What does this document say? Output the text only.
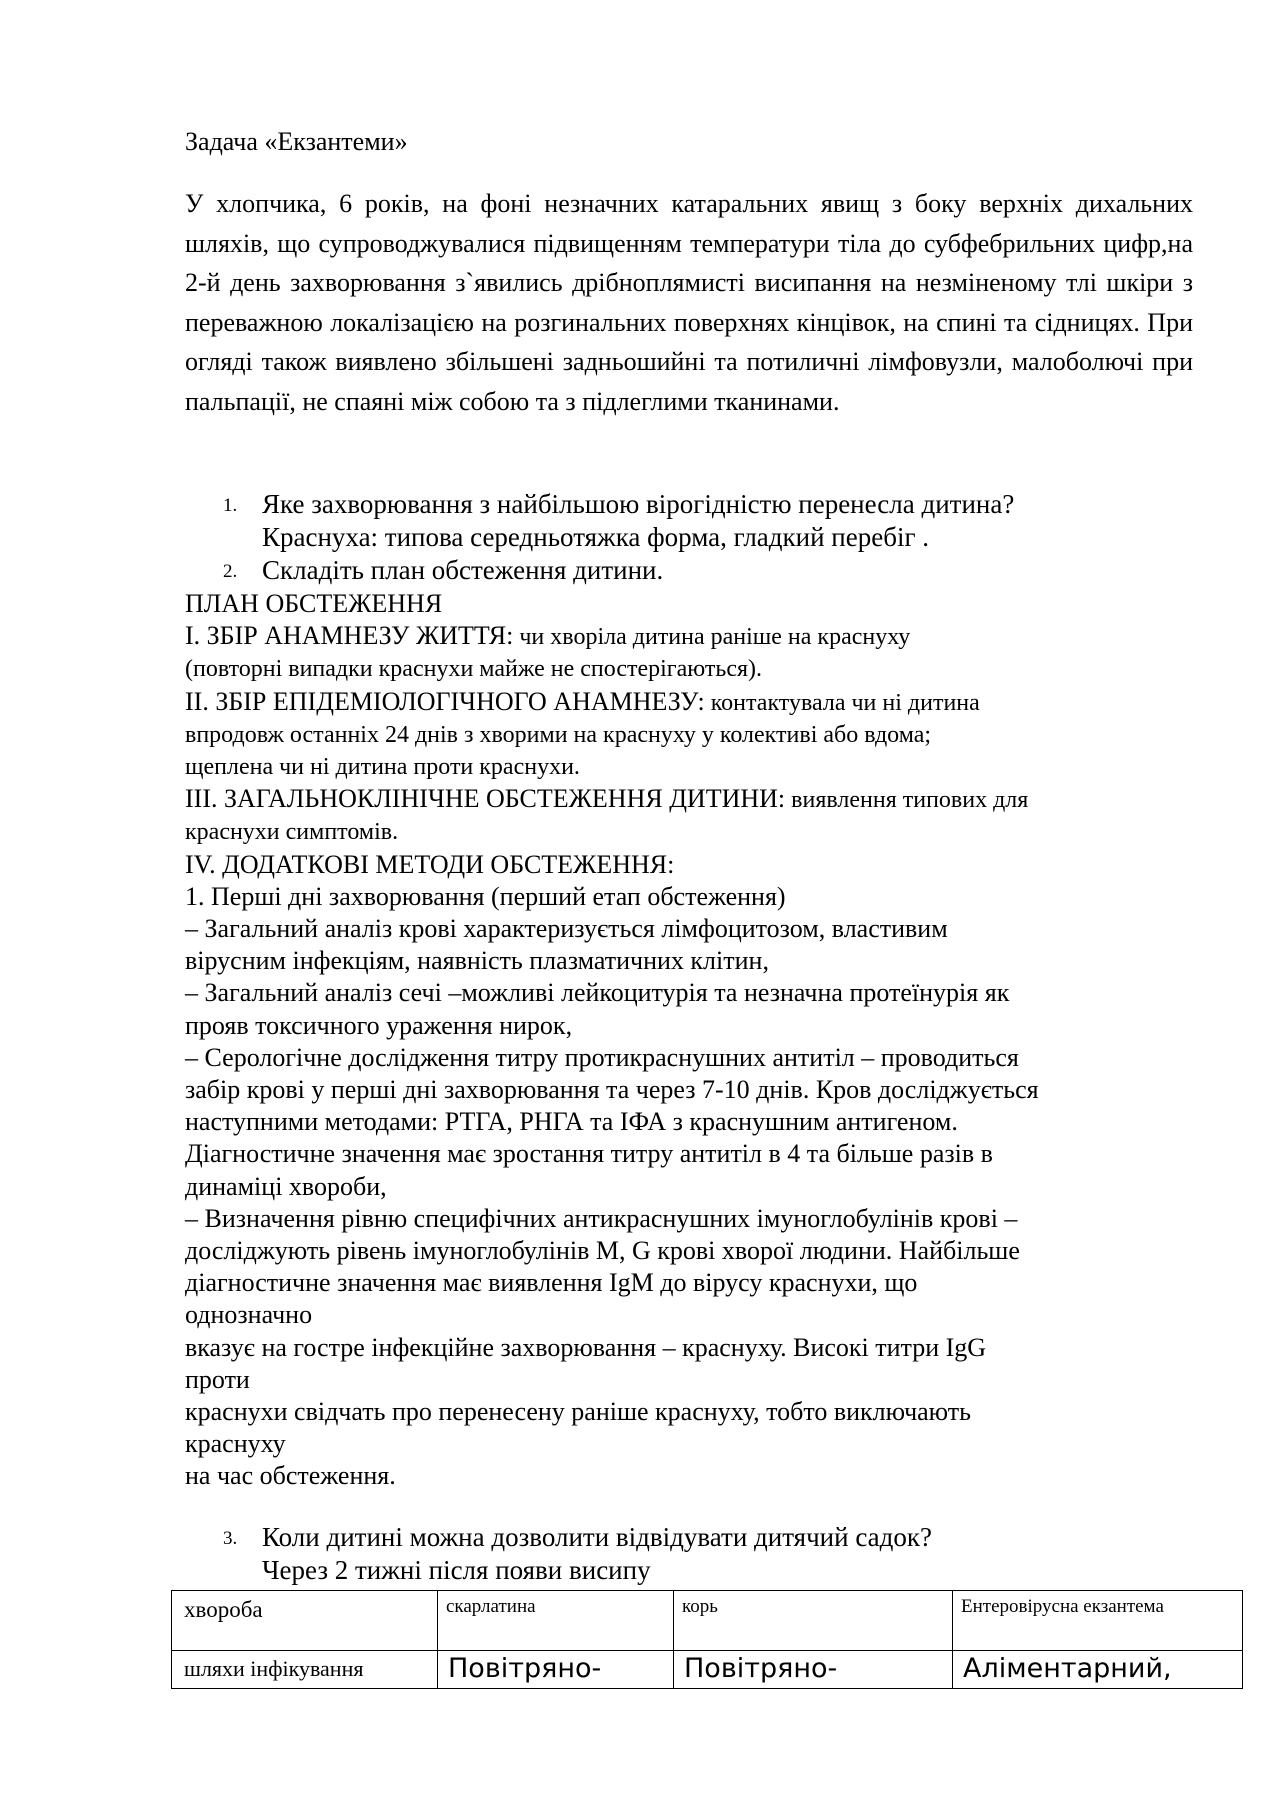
Задача «Екзантеми»
У хлопчика, 6 років, на фоні незначних катаральних явищ з боку верхніх дихальних шляхів, що супроводжувалися підвищенням температури тіла до субфебрильних цифр,на 2-й день захворювання з`явились дрібноплямисті висипання на незміненому тлі шкіри з переважною локалізацією на розгинальних поверхнях кінцівок, на спині та сідницях. При огляді також виявлено збільшені задньошийні та потиличні лімфовузли, малоболючі при пальпації, не спаяні між собою та з підлеглими тканинами.
1. Яке захворювання з найбільшою вірогідністю перенесла дитина?
Краснуха: типова середньотяжка форма, гладкий перебіг .
2. Складіть план обстеження дитини.

ПЛАН ОБСТЕЖЕННЯ

I. ЗБІР АНАМНЕЗУ ЖИТТЯ: чи хворіла дитина раніше на краснуху

(повторні випадки краснухи майже не спостерігаються).

II. ЗБІР ЕПІДЕМІОЛОГІЧНОГО АНАМНЕЗУ: контактувала чи ні дитина

впродовж останніх 24 днів з хворими на краснуху у колективі або вдома;

щеплена чи ні дитина проти краснухи.

III. ЗАГАЛЬНОКЛІНІЧНЕ ОБСТЕЖЕННЯ ДИТИНИ: виявлення типових для

краснухи симптомів.

IV. ДОДАТКОВІ МЕТОДИ ОБСТЕЖЕННЯ:

1. Перші дні захворювання (перший етап обстеження)

– Загальний аналіз крові характеризується лімфоцитозом, властивим

вірусним інфекціям, наявність плазматичних клітин,

– Загальний аналіз сечі –можливі лейкоцитурія та незначна протеїнурія як

прояв токсичного ураження нирок,

– Серологічне дослідження титру протикраснушних антитіл – проводиться

забір крові у перші дні захворювання та через 7-10 днів. Кров досліджується

наступними методами: РТГА, РНГА та ІФА з краснушним антигеном.

Діагностичне значення має зростання титру антитіл в 4 та більше разів в

динаміці хвороби,

– Визначення рівню специфічних антикраснушних імуноглобулінів крові –

досліджують рівень імуноглобулінів М, G крові хворої людини. Найбільше

діагностичне значення має виявлення IgM до вірусу краснухи, що

однозначно

вказує на гостре інфекційне захворювання – краснуху. Високі титри IgG

проти

краснухи свідчать про перенесену раніше краснуху, тобто виключають

краснуху

на час обстеження.

3. Коли дитині можна дозволити відвідувати дитячий садок?
Через 2 тижні після появи висипу
хвороба	скарлатина	корь	Ентеровірусна екзантема

шляхи інфікування	Повітряно-	Повітряно-	Аліментарний,
